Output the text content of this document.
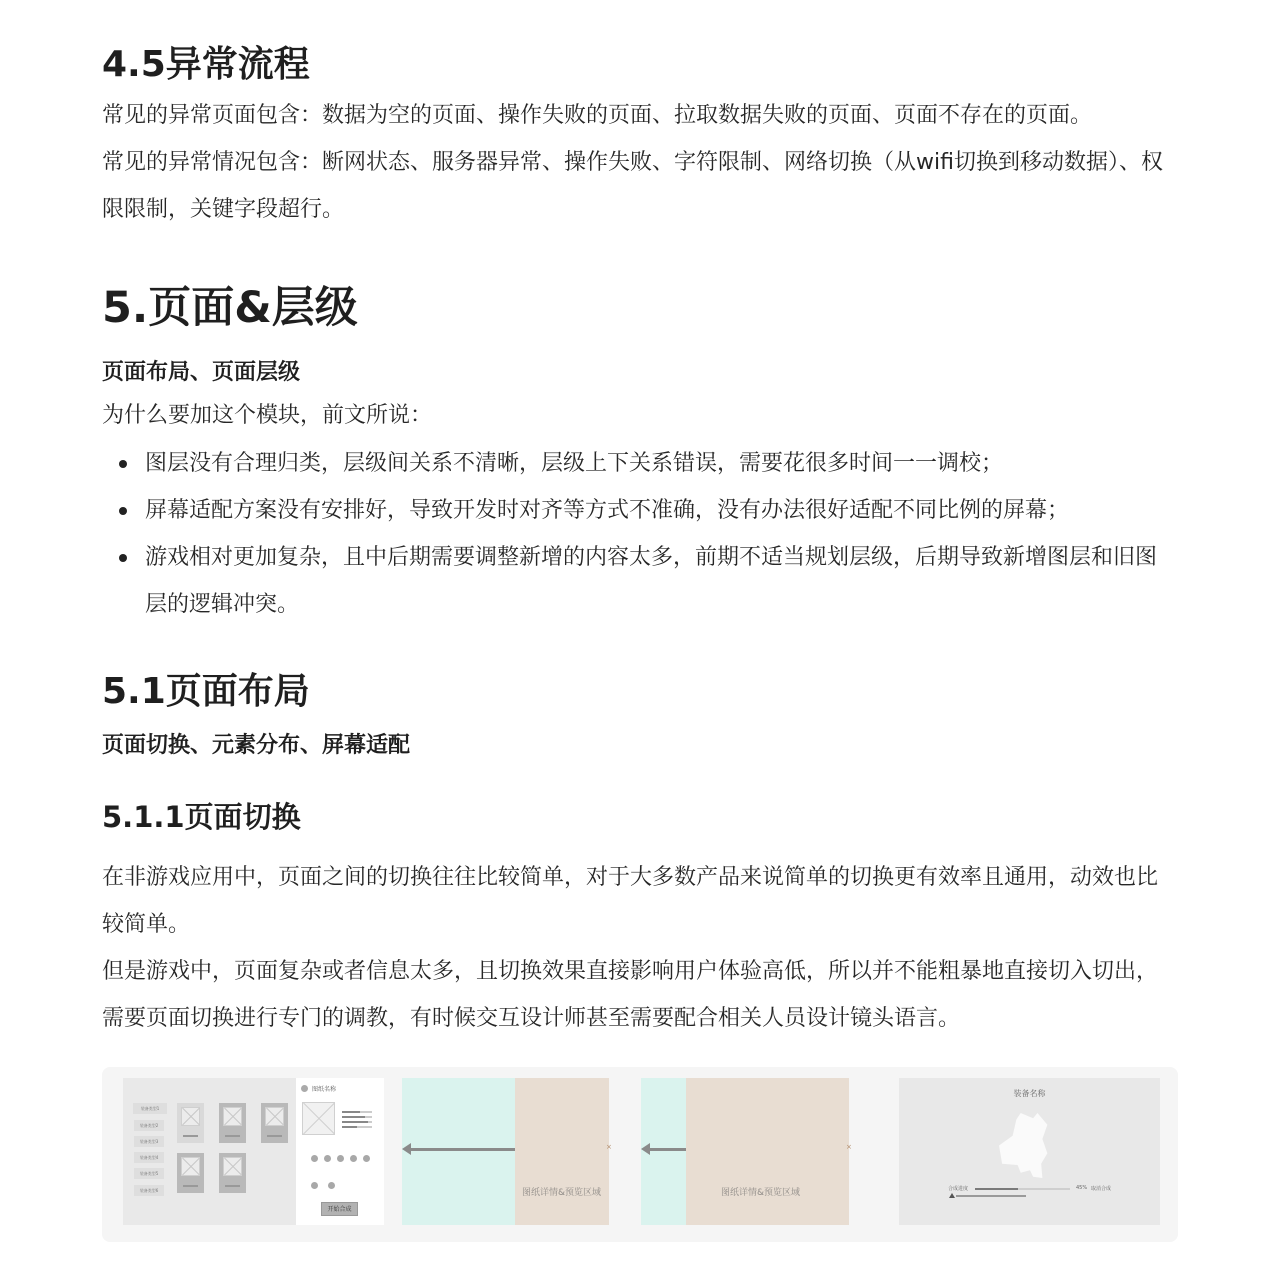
4.5异常流程
常见的异常页面包含：数据为空的页面、操作失败的页面、拉取数据失败的页面、页面不存在的页面。
常见的异常情况包含：断网状态、服务器异常、操作失败、字符限制、网络切换（从wifi切换到移动数据）、权限限制，关键字段超行。
5.页面&层级
页面布局、页面层级
为什么要加这个模块，前文所说：
图层没有合理归类，层级间关系不清晰，层级上下关系错误，需要花很多时间一一调校；
屏幕适配方案没有安排好，导致开发时对齐等方式不准确，没有办法很好适配不同比例的屏幕；
游戏相对更加复杂，且中后期需要调整新增的内容太多，前期不适当规划层级，后期导致新增图层和旧图层的逻辑冲突。
5.1页面布局
页面切换、元素分布、屏幕适配
5.1.1页面切换
在非游戏应用中，页面之间的切换往往比较简单，对于大多数产品来说简单的切换更有效率且通用，动效也比较简单。
但是游戏中，页面复杂或者信息太多，且切换效果直接影响用户体验高低，所以并不能粗暴地直接切入切出，需要页面切换进行专门的调教，有时候交互设计师甚至需要配合相关人员设计镜头语言。
装备类型1
装备类型2
装备类型3
装备类型4
装备类型5
装备类型6
图纸名称
开始合成
图纸详情&预览区域
×
图纸详情&预览区域
×
装备名称
合成进度	45% 取消合成
